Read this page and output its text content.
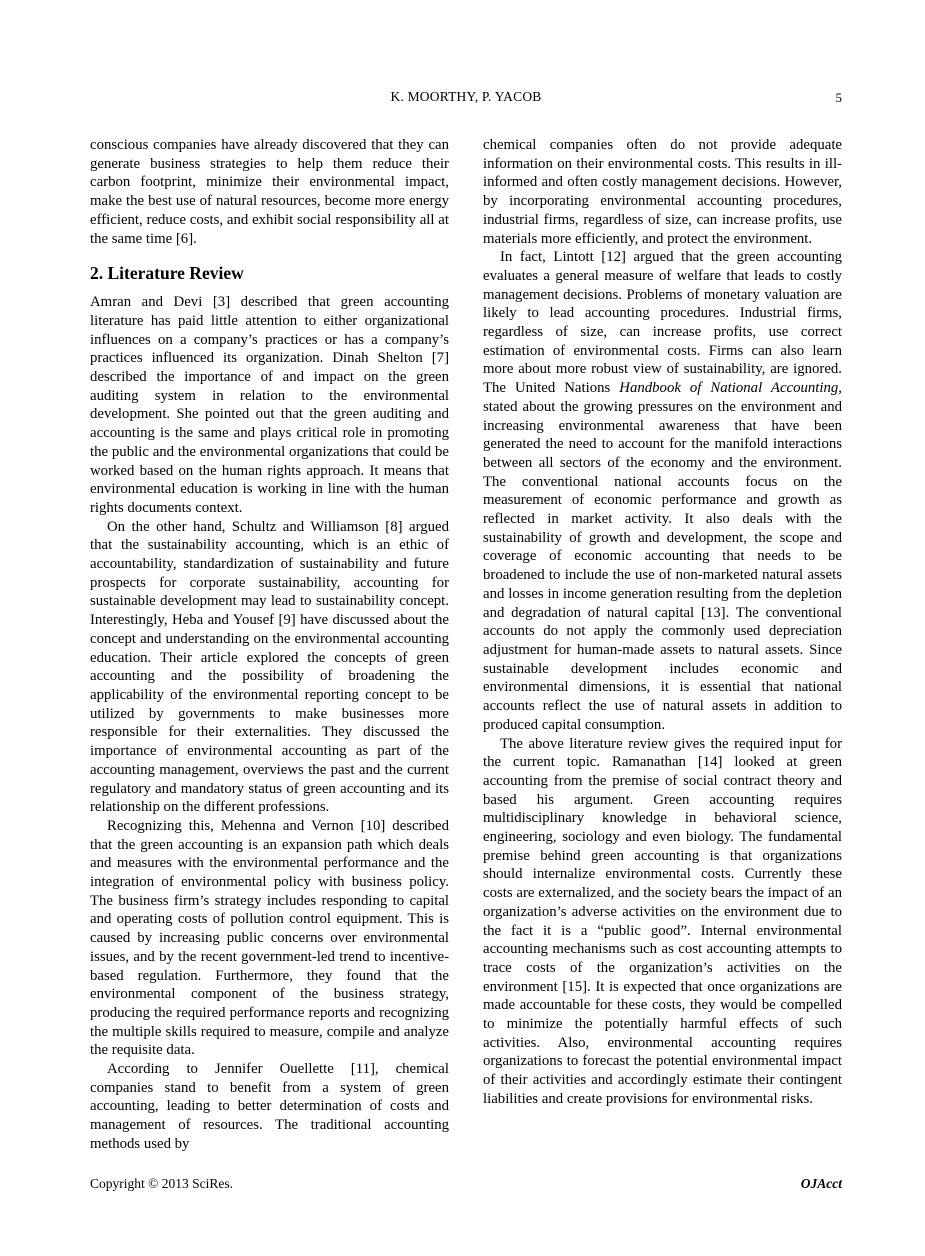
K. MOORTHY, P. YACOB	5

conscious companies have already discovered that they can generate business strategies to help them reduce their carbon footprint, minimize their environmental impact, make the best use of natural resources, become more energy efficient, reduce costs, and exhibit social responsibility all at the same time [6].

2. Literature Review

Amran and Devi [3] described that green accounting literature has paid little attention to either organizational influences on a company’s practices or has a company’s practices influenced its organization. Dinah Shelton [7] described the importance of and impact on the green auditing system in relation to the environmental development. She pointed out that the green auditing and accounting is the same and plays critical role in promoting the public and the environmental organizations that could be worked based on the human rights approach. It means that environmental education is working in line with the human rights documents context.

On the other hand, Schultz and Williamson [8] argued that the sustainability accounting, which is an ethic of accountability, standardization of sustainability and future prospects for corporate sustainability, accounting for sustainable development may lead to sustainability concept. Interestingly, Heba and Yousef [9] have discussed about the concept and understanding on the environmental accounting education. Their article explored the concepts of green accounting and the possibility of broadening the applicability of the environmental reporting concept to be utilized by governments to make businesses more responsible for their externalities. They discussed the importance of environmental accounting as part of the accounting management, overviews the past and the current regulatory and mandatory status of green accounting and its relationship on the different professions.

Recognizing this, Mehenna and Vernon [10] described that the green accounting is an expansion path which deals and measures with the environmental performance and the integration of environmental policy with business policy. The business firm’s strategy includes responding to capital and operating costs of pollution control equipment. This is caused by increasing public concerns over environmental issues, and by the recent government-led trend to incentive-based regulation. Furthermore, they found that the environmental component of the business strategy, producing the required performance reports and recognizing the multiple skills required to measure, compile and analyze the requisite data.

According to Jennifer Ouellette [11], chemical companies stand to benefit from a system of green accounting, leading to better determination of costs and management of resources. The traditional accounting methods used by

chemical companies often do not provide adequate information on their environmental costs. This results in ill-informed and often costly management decisions. However, by incorporating environmental accounting procedures, industrial firms, regardless of size, can increase profits, use materials more efficiently, and protect the environment.

In fact, Lintott [12] argued that the green accounting evaluates a general measure of welfare that leads to costly management decisions. Problems of monetary valuation are likely to lead accounting procedures. Industrial firms, regardless of size, can increase profits, use correct estimation of environmental costs. Firms can also learn more about more robust view of sustainability, are ignored. The United Nations Handbook of National Accounting, stated about the growing pressures on the environment and increasing environmental awareness that have been generated the need to account for the manifold interactions between all sectors of the economy and the environment. The conventional national accounts focus on the measurement of economic performance and growth as reflected in market activity. It also deals with the sustainability of growth and development, the scope and coverage of economic accounting that needs to be broadened to include the use of non-marketed natural assets and losses in income generation resulting from the depletion and degradation of natural capital [13]. The conventional accounts do not apply the commonly used depreciation adjustment for human-made assets to natural assets. Since sustainable development includes economic and environmental dimensions, it is essential that national accounts reflect the use of natural assets in addition to produced capital consumption.

The above literature review gives the required input for the current topic. Ramanathan [14] looked at green accounting from the premise of social contract theory and based his argument. Green accounting requires multidisciplinary knowledge in behavioral science, engineering, sociology and even biology. The fundamental premise behind green accounting is that organizations should internalize environmental costs. Currently these costs are externalized, and the society bears the impact of an organization’s adverse activities on the environment due to the fact it is a “public good”. Internal environmental accounting mechanisms such as cost accounting attempts to trace costs of the organization’s activities on the environment [15]. It is expected that once organizations are made accountable for these costs, they would be compelled to minimize the potentially harmful effects of such activities. Also, environmental accounting requires organizations to forecast the potential environmental impact of their activities and accordingly estimate their contingent liabilities and create provisions for environmental risks.

Copyright © 2013 SciRes.	OJAcct
